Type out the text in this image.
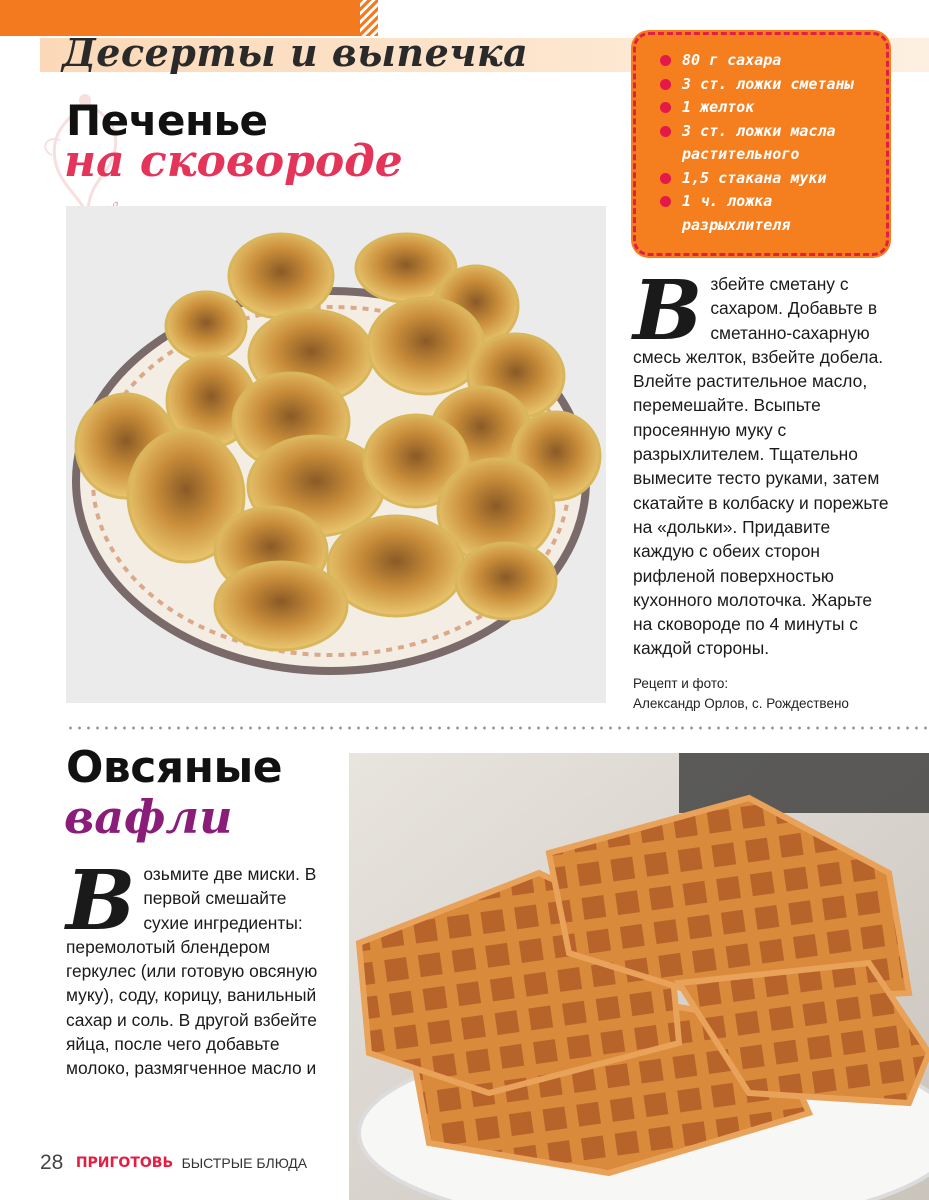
Десерты и выпечка
Печенье
на сковороде
80 г сахара
3 ст. ложки сметаны
1 желток
3 ст. ложки масла растительного
1,5 стакана муки
1 ч. ложка разрыхлителя
Взбейте сметану с сахаром. Добавьте в сметанно-сахарную смесь желток, взбейте добела. Влейте растительное масло, перемешайте. Всыпьте просеянную муку с разрыхлителем. Тщательно вымесите тесто руками, затем скатайте в колбаску и порежьте на «дольки». Придавите каждую с обеих сторон рифленой поверхностью кухонного молоточка. Жарьте на сковороде по 4 минуты с каждой стороны.
Рецепт и фото:
Александр Орлов, с. Рождествено
Овсяные
вафли
Возьмите две миски. В первой смешайте сухие ингредиенты: перемолотый блендером геркулес (или готовую овсяную муку), соду, корицу, ванильный сахар и соль. В другой взбейте яйца, после чего добавьте молоко, размягченное масло и
28 ПРИГОТОВЬ БЫСТРЫЕ БЛЮДА
